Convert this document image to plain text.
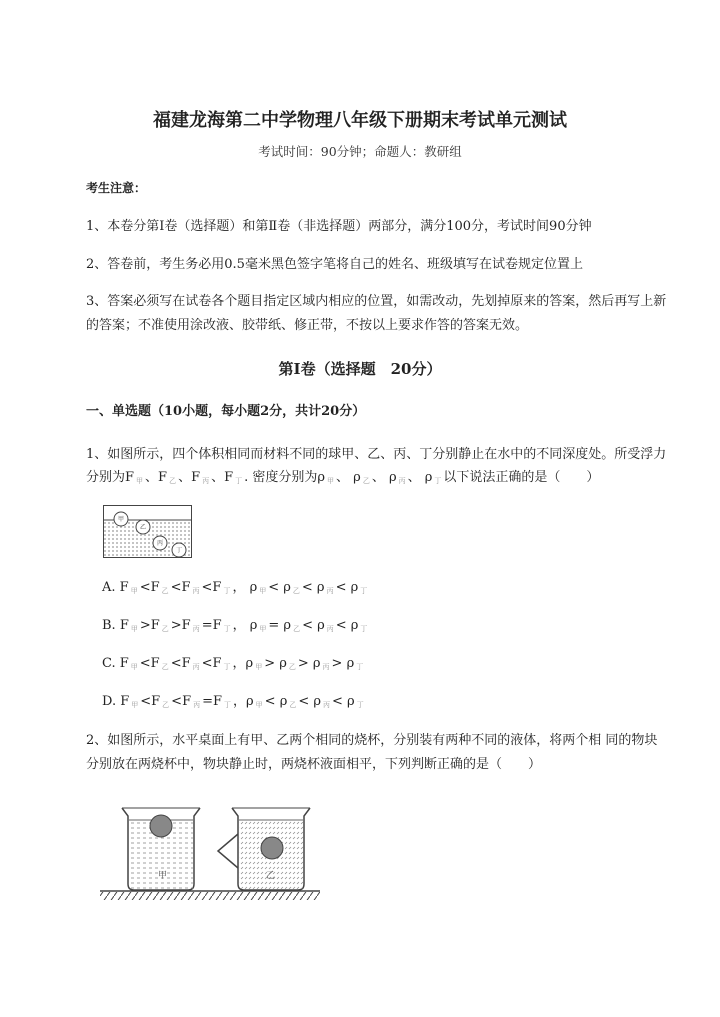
福建龙海第二中学物理八年级下册期末考试单元测试
考试时间：90分钟；命题人：教研组
考生注意：
1、本卷分第Ⅰ卷（选择题）和第Ⅱ卷（非选择题）两部分，满分100分，考试时间90分钟
2、答卷前，考生务必用0.5毫米黑色签字笔将自己的姓名、班级填写在试卷规定位置上
3、答案必须写在试卷各个题目指定区域内相应的位置，如需改动，先划掉原来的答案，然后再写上新
的答案；不准使用涂改液、胶带纸、修正带，不按以上要求作答的答案无效。
第Ⅰ卷（选择题　20分）
一、单选题（10小题，每小题2分，共计20分）
1、如图所示，四个体积相同而材料不同的球甲、乙、丙、丁分别静止在水中的不同深度处。所受浮力
分别为F $_甲$ 、F $_乙$ 、F $_丙$ 、F $_丁$ . 密度分别为ρ $_甲$ 、 ρ $_乙$ 、 ρ $_丙$ 、 ρ $_丁$ 以下说法正确的是（　　）
甲
乙
丙
丁
A. F $_甲$ <F $_乙$ <F $_丙$ <F $_丁$ ， ρ $_甲$ < ρ $_乙$ < ρ $_丙$ < ρ $_丁$
B. F $_甲$ >F $_乙$ >F $_丙$ =F $_丁$ ， ρ $_甲$ = ρ $_乙$ < ρ $_丙$ < ρ $_丁$
C. F $_甲$ <F $_乙$ <F $_丙$ <F $_丁$ ，ρ $_甲$ > ρ $_乙$ > ρ $_丙$ > ρ $_丁$
D. F $_甲$ <F $_乙$ <F $_丙$ =F $_丁$ ，ρ $_甲$ < ρ $_乙$ < ρ $_丙$ < ρ $_丁$
2、如图所示，水平桌面上有甲、乙两个相同的烧杯，分别装有两种不同的液体，将两个相 同的物块
分别放在两烧杯中，物块静止时，两烧杯液面相平，下列判断正确的是（　　）
甲	乙
